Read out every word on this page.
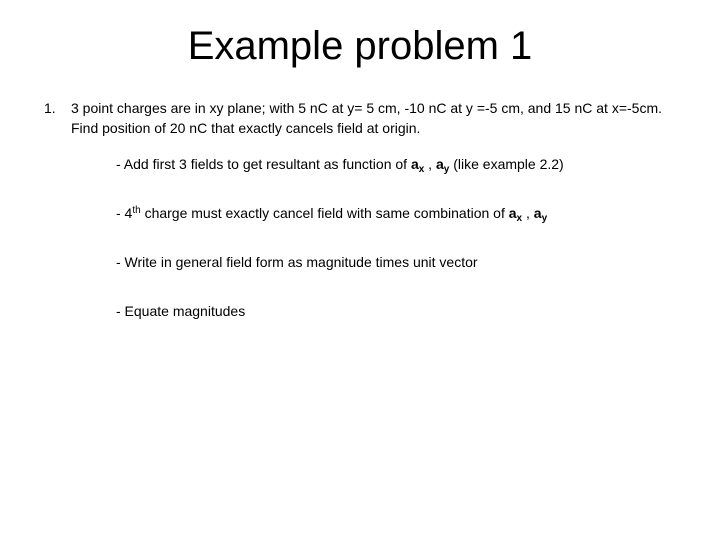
Example problem 1
1.	3 point charges are in xy plane; with 5 nC at y= 5 cm, -10 nC at y =-5 cm, and 15 nC at x=-5cm. Find position of 20 nC that exactly cancels field at origin.
- Add first 3 fields to get resultant as function of $a_x$ , $a_y$ (like example 2.2)
- 4th charge must exactly cancel field with same combination of $a_x$ , $a_y$
- Write in general field form as magnitude times unit vector
- Equate magnitudes
